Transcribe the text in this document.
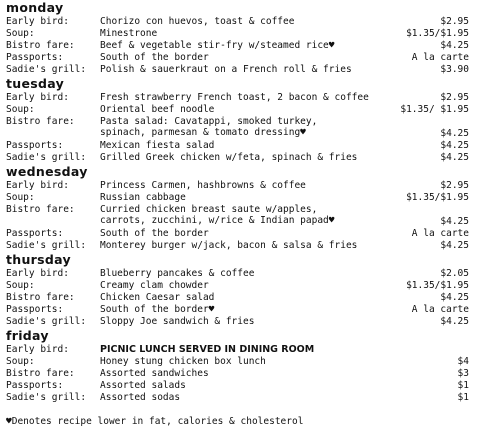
monday
Early bird:	Chorizo con huevos, toast & coffee	$2.95
Soup:	Minestrone	$1.35/$1.95
Bistro fare:	Beef & vegetable stir-fry w/steamed rice♥	$4.25
Passports:	South of the border	A la carte
Sadie's grill: Polish & sauerkraut on a French roll & fries	$3.90
tuesday
Early bird:	Fresh strawberry French toast, 2 bacon & coffee	$2.95
Soup:	Oriental beef noodle	$1.35/ $1.95
Bistro fare:	Pasta salad: Cavatappi, smoked turkey, spinach, parmesan & tomato dressing♥	$4.25
Passports:	Mexican fiesta salad	$4.25
Sadie's grill: Grilled Greek chicken w/feta, spinach & fries	$4.25
wednesday
Early bird:	Princess Carmen, hashbrowns & coffee	$2.95
Soup:	Russian cabbage	$1.35/$1.95
Bistro fare:	Curried chicken breast saute w/apples, carrots, zucchini, w/rice & Indian papad♥	$4.25
Passports:	South of the border	A la carte
Sadie's grill: Monterey burger w/jack, bacon & salsa & fries	$4.25
thursday
Early bird:	Blueberry pancakes & coffee	$2.05
Soup:	Creamy clam chowder	$1.35/$1.95
Bistro fare:	Chicken Caesar salad	$4.25
Passports:	South of the border♥	A la carte
Sadie's grill: Sloppy Joe sandwich & fries	$4.25
friday
Early bird:	PICNIC LUNCH SERVED IN DINING ROOM
Soup:	Honey stung chicken box lunch	$4
Bistro fare:	Assorted sandwiches	$3
Passports:	Assorted salads	$1
Sadie's grill: Assorted sodas	$1
♥Denotes recipe lower in fat, calories & cholesterol
